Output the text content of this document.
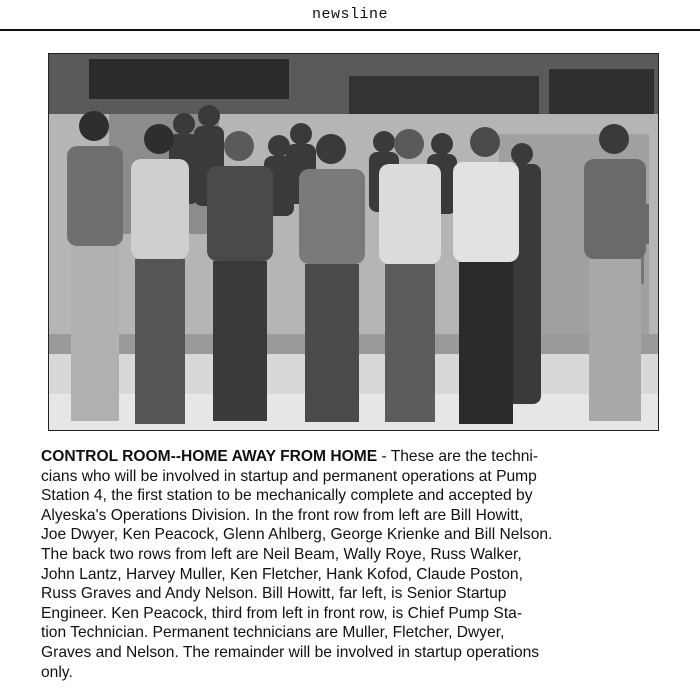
newsline

CONTROL ROOM--HOME AWAY FROM HOME - These are the techni-

cians who will be involved in startup and permanent operations at Pump

Station 4, the first station to be mechanically complete and accepted by

Alyeska's Operations Division. In the front row from left are Bill Howitt,

Joe Dwyer, Ken Peacock, Glenn Ahlberg, George Krienke and Bill Nelson.

The back two rows from left are Neil Beam, Wally Roye, Russ Walker,

John Lantz, Harvey Muller, Ken Fletcher, Hank Kofod, Claude Poston,

Russ Graves and Andy Nelson. Bill Howitt, far left, is Senior Startup

Engineer. Ken Peacock, third from left in front row, is Chief Pump Sta-

tion Technician. Permanent technicians are Muller, Fletcher, Dwyer,

Graves and Nelson. The remainder will be involved in startup operations

only.
